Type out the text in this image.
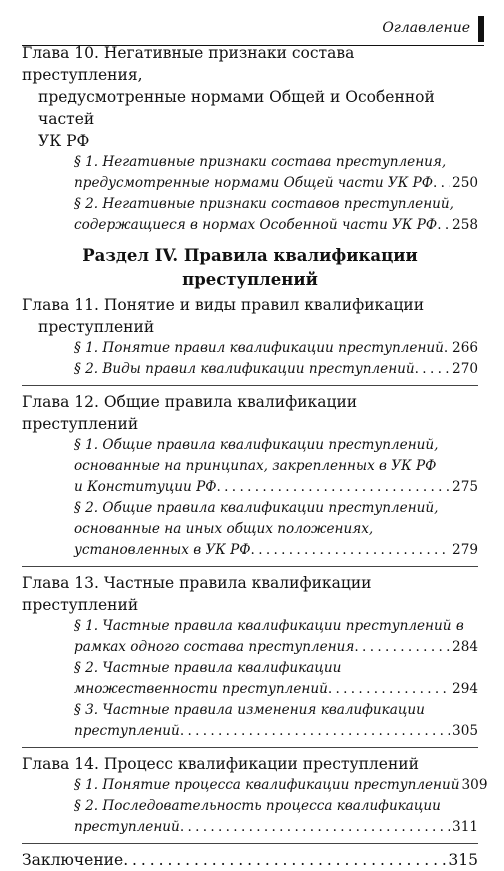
Оглавление
Глава 10. Негативные признаки состава преступления,
предусмотренные нормами Общей и Особенной частей
УК РФ
§ 1. Негативные признаки состава преступления,
предусмотренные нормами Общей части УК РФ . . . 250
§ 2. Негативные признаки составов преступлений,
содержащиеся в нормах Особенной части УК РФ . . . 258
Раздел IV. Правила квалификации преступлений
Глава 11. Понятие и виды правил квалификации
преступлений
§ 1. Понятие правил квалификации преступлений . . . 266
§ 2. Виды правил квалификации преступлений . . .	270
Глава 12. Общие правила квалификации преступлений
§ 1. Общие правила квалификации преступлений,
основанные на принципах, закрепленных в УК РФ
и Конституции РФ . . .	275
§ 2. Общие правила квалификации преступлений,
основанные на иных общих положениях,
установленных в УК РФ . . .	279
Глава 13. Частные правила квалификации преступлений
§ 1. Частные правила квалификации преступлений в
рамках одного состава преступления . . .	284
§ 2. Частные правила квалификации
множественности преступлений . . .	294
§ 3. Частные правила изменения квалификации
преступлений . . .	305
Глава 14. Процесс квалификации преступлений
§ 1. Понятие процесса квалификации преступлений 309
§ 2. Последовательность процесса квалификации
преступлений . . .	311
Заключение . . .	315
